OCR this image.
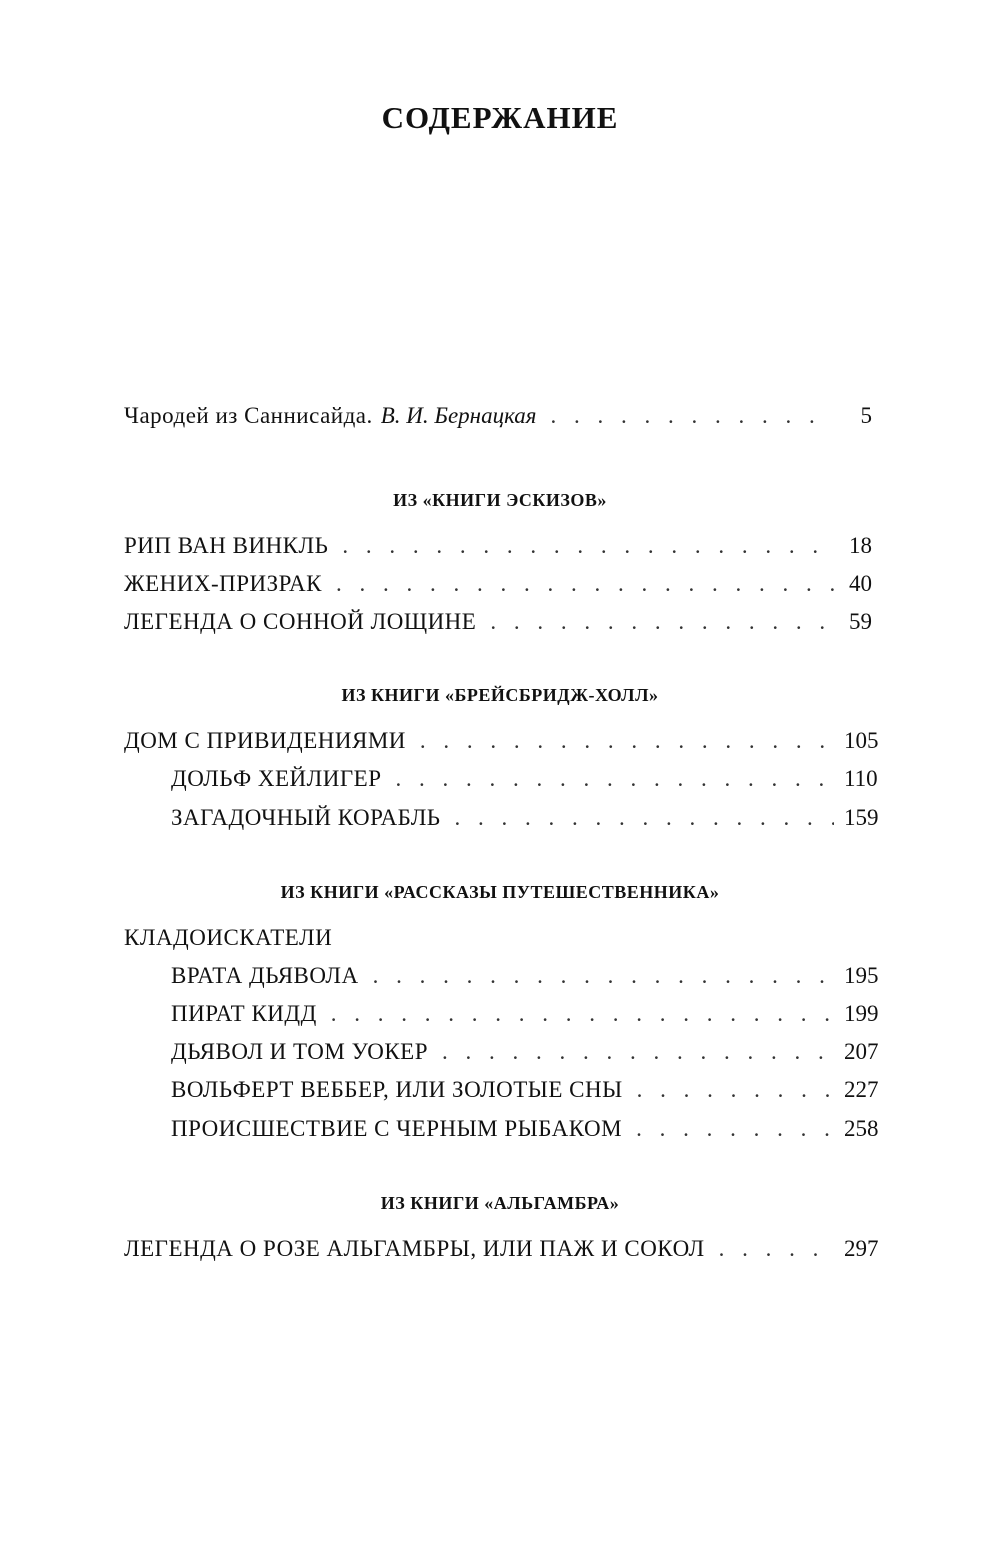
СОДЕРЖАНИЕ
Чародей из Саннисайда. В. И. Бернацкая . . .	5
ИЗ «КНИГИ ЭСКИЗОВ»
РИП ВАН ВИНКЛЬ . . .	18
ЖЕНИХ-ПРИЗРАК . . .	40
ЛЕГЕНДА О СОННОЙ ЛОЩИНЕ . . .	59
ИЗ КНИГИ «БРЕЙСБРИДЖ-ХОЛЛ»
ДОМ С ПРИВИДЕНИЯМИ . . .	105
ДОЛЬФ ХЕЙЛИГЕР . . .	110
ЗАГАДОЧНЫЙ КОРАБЛЬ . . .	159
ИЗ КНИГИ «РАССКАЗЫ ПУТЕШЕСТВЕННИКА»
КЛАДОИСКАТЕЛИ
ВРАТА ДЬЯВОЛА . . .	195
ПИРАТ КИДД . . .	199
ДЬЯВОЛ И ТОМ УОКЕР . . .	207
ВОЛЬФЕРТ ВЕББЕР, ИЛИ ЗОЛОТЫЕ СНЫ . . .	227
ПРОИСШЕСТВИЕ С ЧЕРНЫМ РЫБАКОМ . . .	258
ИЗ КНИГИ «АЛЬГАМБРА»
ЛЕГЕНДА О РОЗЕ АЛЬГАМБРЫ, ИЛИ ПАЖ И СОКОЛ . . .	297
